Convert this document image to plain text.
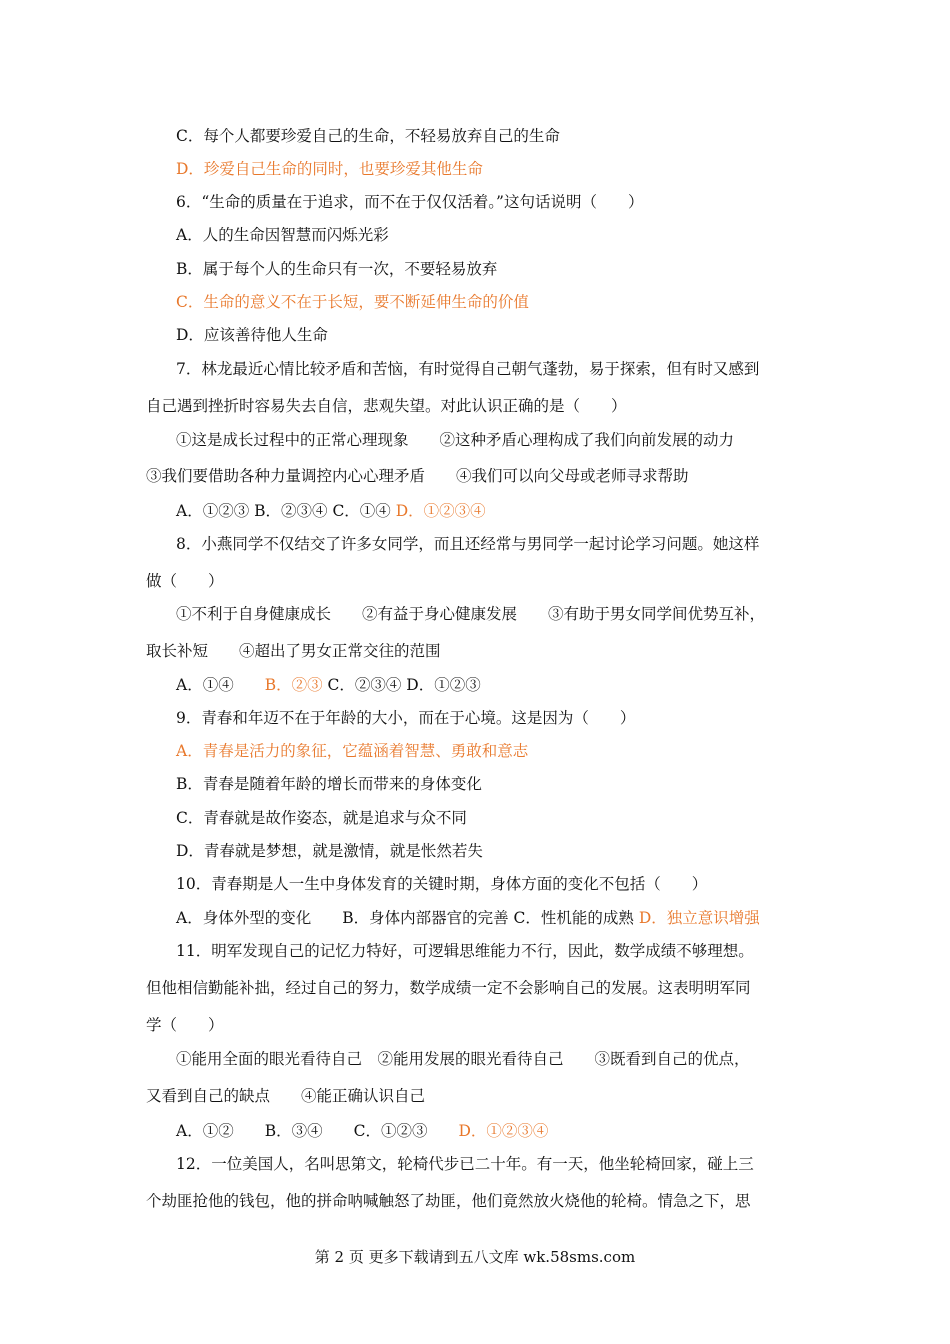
C．每个人都要珍爱自己的生命，不轻易放弃自己的生命
D．珍爱自己生命的同时，也要珍爱其他生命
6．“生命的质量在于追求，而不在于仅仅活着。”这句话说明（　　）
A．人的生命因智慧而闪烁光彩
B．属于每个人的生命只有一次，不要轻易放弃
C．生命的意义不在于长短，要不断延伸生命的价值
D．应该善待他人生命
7．林龙最近心情比较矛盾和苦恼，有时觉得自己朝气蓬勃，易于探索，但有时又感到
自己遇到挫折时容易失去自信，悲观失望。对此认识正确的是（　　）
①这是成长过程中的正常心理现象　　②这种矛盾心理构成了我们向前发展的动力
③我们要借助各种力量调控内心心理矛盾　　④我们可以向父母或老师寻求帮助
A．①②③ B．②③④ C．①④ D．①②③④
8．小燕同学不仅结交了许多女同学，而且还经常与男同学一起讨论学习问题。她这样
做（　　）
①不利于自身健康成长　　②有益于身心健康发展　　③有助于男女同学间优势互补，
取长补短　　④超出了男女正常交往的范围
A．①④　　B．②③ C．②③④ D．①②③
9．青春和年迈不在于年龄的大小，而在于心境。这是因为（　　）
A．青春是活力的象征，它蕴涵着智慧、勇敢和意志
B．青春是随着年龄的增长而带来的身体变化
C．青春就是故作姿态，就是追求与众不同
D．青春就是梦想，就是激情，就是怅然若失
10．青春期是人一生中身体发育的关键时期，身体方面的变化不包括（　　）
A．身体外型的变化　　B．身体内部器官的完善 C．性机能的成熟 D．独立意识增强
11．明军发现自己的记忆力特好，可逻辑思维能力不行，因此，数学成绩不够理想。
但他相信勤能补拙，经过自己的努力，数学成绩一定不会影响自己的发展。这表明明军同
学（　　）
①能用全面的眼光看待自己　②能用发展的眼光看待自己　　③既看到自己的优点，
又看到自己的缺点　　④能正确认识自己
A．①②　　B．③④　　C．①②③　　D．①②③④
12．一位美国人，名叫思第文，轮椅代步已二十年。有一天，他坐轮椅回家，碰上三
个劫匪抢他的钱包，他的拼命呐喊触怒了劫匪，他们竟然放火烧他的轮椅。情急之下，思
第 2 页 更多下载请到五八文库 wk.58sms.com
